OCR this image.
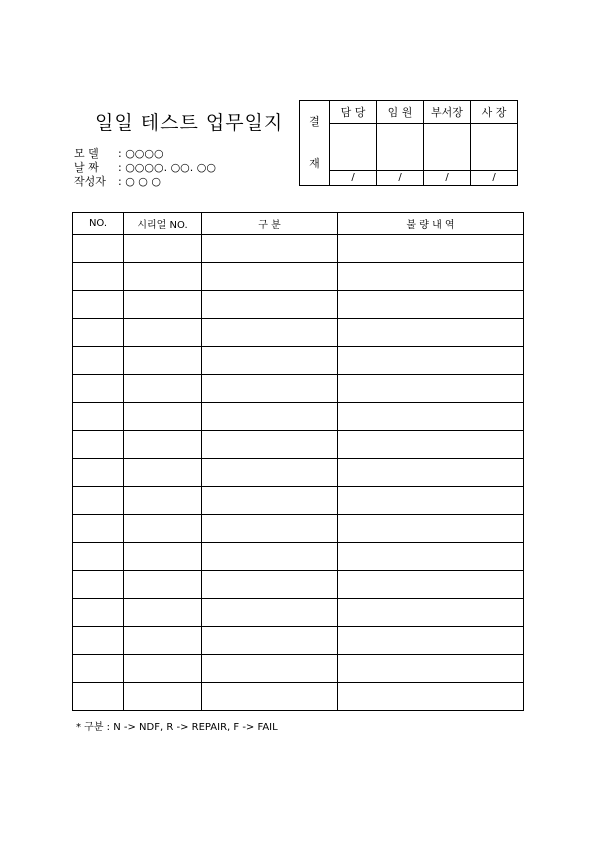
일일 테스트 업무일지
모 델 : ○○○○
날 짜 : ○○○○. ○○. ○○
작성자 : ○ ○ ○
결
재	담 당	임 원	부서장	사 장

	/	/	/	/
NO.	시리얼 NO.	구 분	불 량 내 역

* 구분 : N -> NDF, R -> REPAIR, F -> FAIL
